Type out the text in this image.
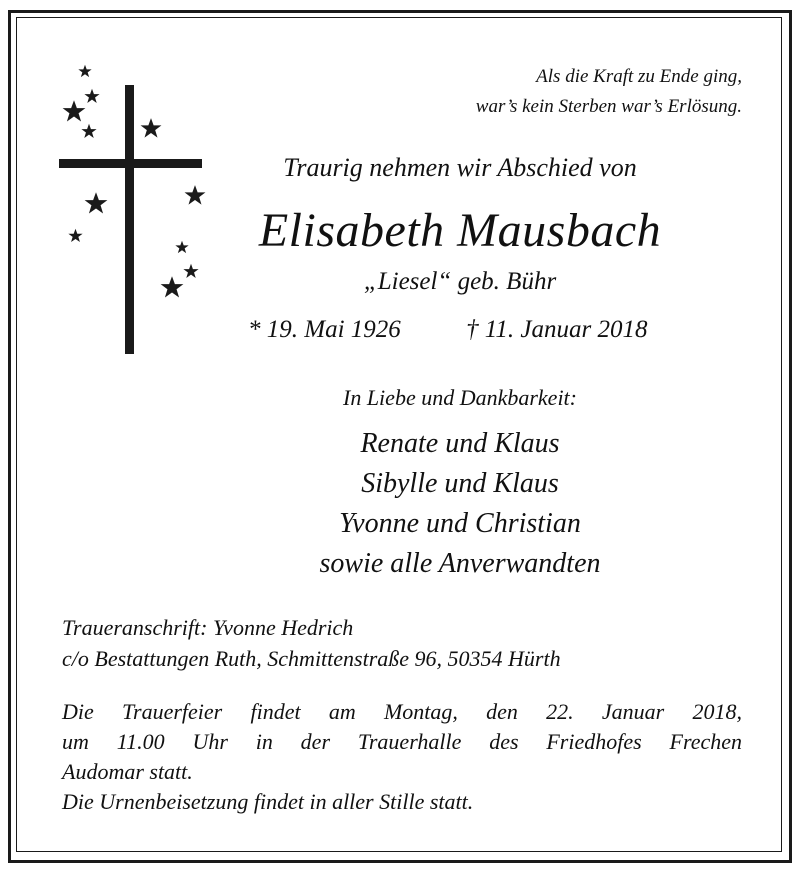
Als die Kraft zu Ende ging,
war’s kein Sterben war’s Erlösung.
Traurig nehmen wir Abschied von
Elisabeth Mausbach
„Liesel“ geb. Bühr
* 19. Mai 1926	† 11. Januar 2018
In Liebe und Dankbarkeit:
Renate und Klaus
Sibylle und Klaus
Yvonne und Christian
sowie alle Anverwandten
Traueranschrift: Yvonne Hedrich
c/o Bestattungen Ruth, Schmittenstraße 96, 50354 Hürth
Die Trauerfeier findet am Montag, den 22. Januar 2018,
um 11.00 Uhr in der Trauerhalle des Friedhofes Frechen
Audomar statt.
Die Urnenbeisetzung findet in aller Stille statt.
